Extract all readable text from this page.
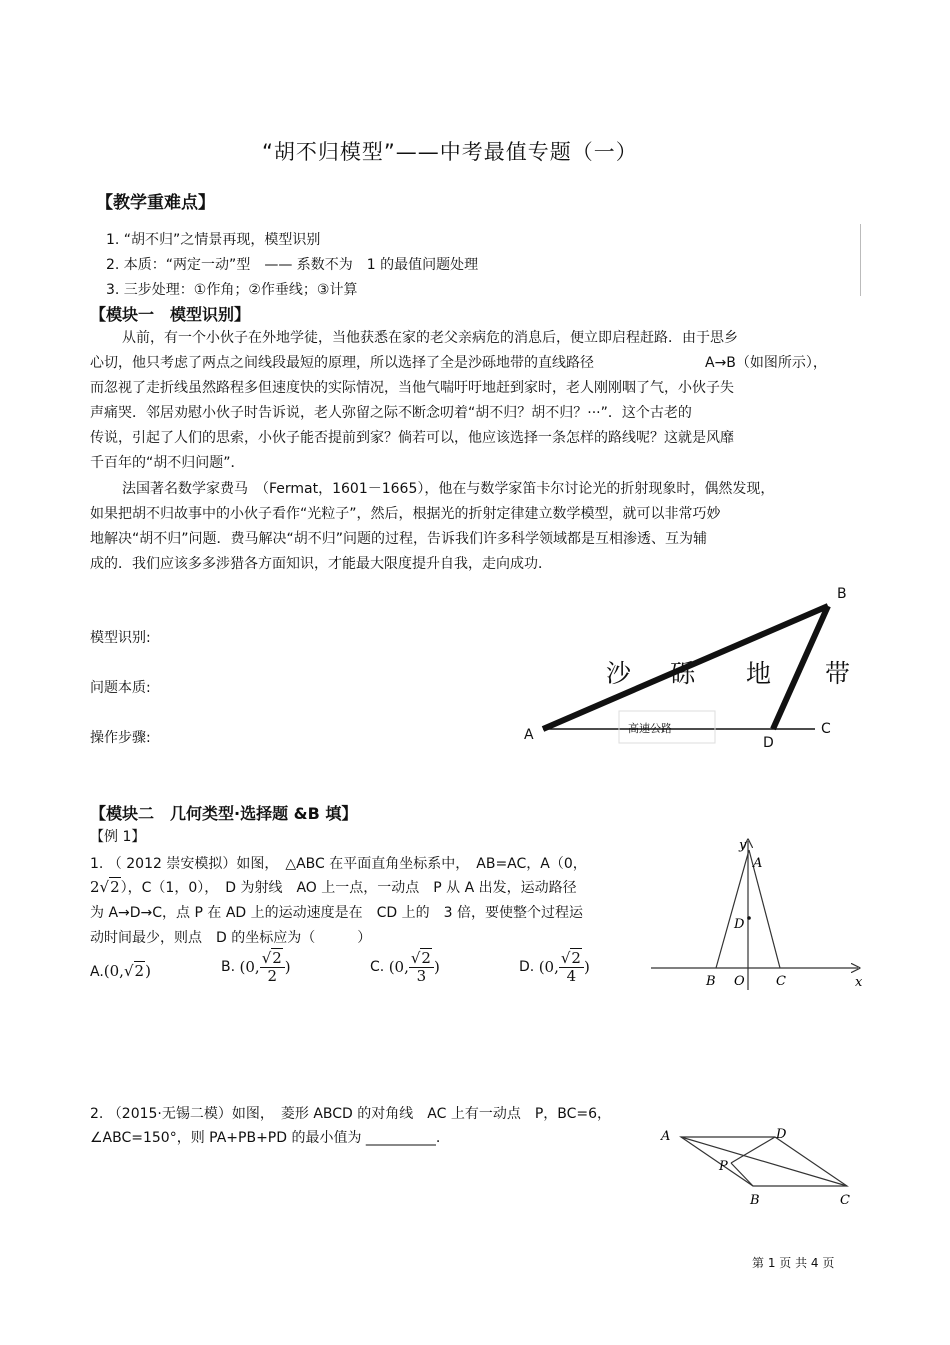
“胡不归模型”——中考最值专题（一）
【教学重难点】
1. “胡不归”之情景再现，模型识别
2. 本质：“两定一动”型　—— 系数不为　1 的最值问题处理
3. 三步处理：①作角；②作垂线；③计算
【模块一　模型识别】
从前，有一个小伙子在外地学徒，当他获悉在家的老父亲病危的消息后，便立即启程赶路．由于思乡
心切，他只考虑了两点之间线段最短的原理，所以选择了全是沙砾地带的直线路径	A→B（如图所示），
而忽视了走折线虽然路程多但速度快的实际情况，当他气喘吁吁地赶到家时，老人刚刚咽了气，小伙子失
声痛哭．邻居劝慰小伙子时告诉说，老人弥留之际不断念叨着“胡不归？胡不归？···”．这个古老的
传说，引起了人们的思索，小伙子能否提前到家？倘若可以，他应该选择一条怎样的路线呢？这就是风靡
千百年的“胡不归问题”．
法国著名数学家费马　（Fermat，1601－1665），他在与数学家笛卡尔讨论光的折射现象时，偶然发现，
如果把胡不归故事中的小伙子看作“光粒子”，然后，根据光的折射定律建立数学模型，就可以非常巧妙
地解决“胡不归”问题．费马解决“胡不归”问题的过程，告诉我们许多科学领域都是互相渗透、互为辅
成的．我们应该多多涉猎各方面知识，才能最大限度提升自我，走向成功．
模型识别:
问题本质:
操作步骤:	A
B
C
D
沙 砾 地 带
高速公路
【模块二　几何类型·选择题 &B 填】
【例 1】
1. （ 2012 崇安模拟）如图，　△ABC 在平面直角坐标系中，　AB=AC，A（0，
2√2），C（1，0），　D 为射线　AO 上一点，一动点　P 从 A 出发，运动路径
为 A→D→C，点 P 在 AD 上的运动速度是在　CD 上的　3 倍，要使整个过程运
动时间最少，则点　D 的坐标应为（　　　）
A.(0,√2)	B. (0, $\frac{√2}{2}$ )	C. (0, $\frac{√2}{3}$ )	D. (0, $\frac{√2}{4}$ )
y
x
A
D
B O C
2. （2015·无锡二模）如图，　菱形 ABCD 的对角线　AC 上有一动点　P，BC=6，
∠ABC=150°，则 PA+PB+PD 的最小值为 __________.	A	D
P
B	C
第 1 页 共 4 页
